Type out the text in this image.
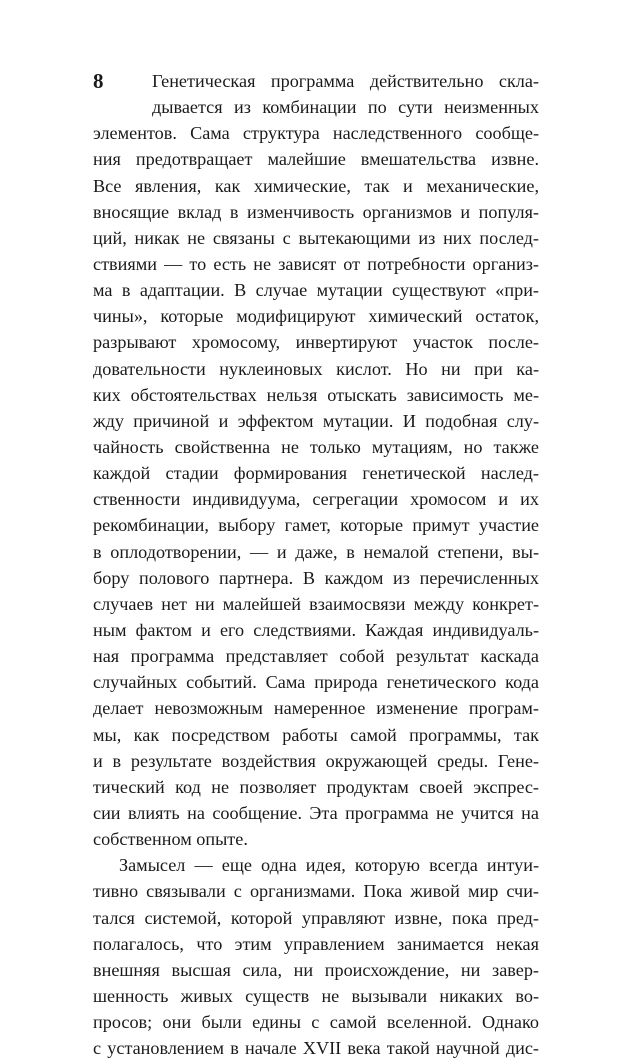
8	Генетическая программа действительно скла-
дывается из комбинации по сути неизменных
элементов. Сама структура наследственного сообще-
ния предотвращает малейшие вмешательства извне.
Все явления, как химические, так и механические,
вносящие вклад в изменчивость организмов и популя-
ций, никак не связаны с вытекающими из них послед-
ствиями — то есть не зависят от потребности организ-
ма в адаптации. В случае мутации существуют «при-
чины», которые модифицируют химический остаток,
разрывают хромосому, инвертируют участок после-
довательности нуклеиновых кислот. Но ни при ка-
ких обстоятельствах нельзя отыскать зависимость ме-
жду причиной и эффектом мутации. И подобная слу-
чайность свойственна не только мутациям, но также
каждой стадии формирования генетической наслед-
ственности индивидуума, сегрегации хромосом и их
рекомбинации, выбору гамет, которые примут участие
в оплодотворении, — и даже, в немалой степени, вы-
бору полового партнера. В каждом из перечисленных
случаев нет ни малейшей взаимосвязи между конкрет-
ным фактом и его следствиями. Каждая индивидуаль-
ная программа представляет собой результат каскада
случайных событий. Сама природа генетического кода
делает невозможным намеренное изменение програм-
мы, как посредством работы самой программы, так
и в результате воздействия окружающей среды. Гене-
тический код не позволяет продуктам своей экспрес-
сии влиять на сообщение. Эта программа не учится на
собственном опыте.
Замысел — еще одна идея, которую всегда интуи-
тивно связывали с организмами. Пока живой мир счи-
тался системой, которой управляют извне, пока пред-
полагалось, что этим управлением занимается некая
внешняя высшая сила, ни происхождение, ни завер-
шенность живых существ не вызывали никаких во-
просов; они были едины с самой вселенной. Однако
с установлением в начале XVII века такой научной дис-
